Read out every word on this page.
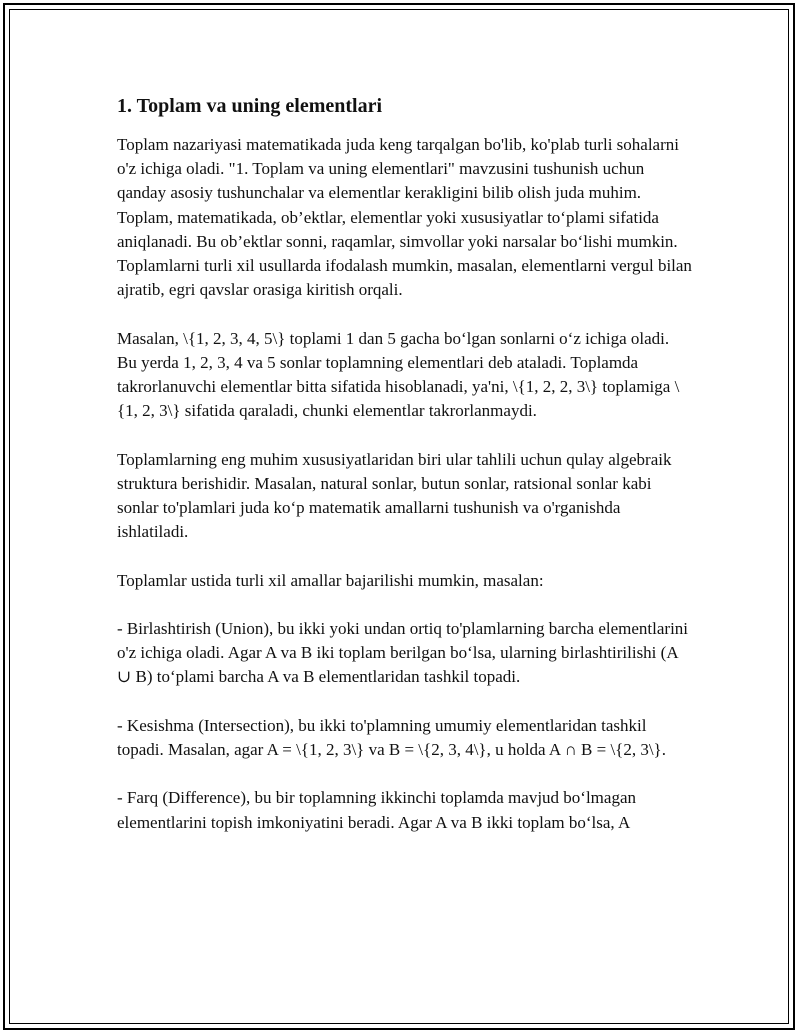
1. Toplam va uning elementlari

Toplam nazariyasi matematikada juda keng tarqalgan bo'lib, ko'plab turli sohalarni o'z ichiga oladi. "1. Toplam va uning elementlari" mavzusini tushunish uchun qanday asosiy tushunchalar va elementlar kerakligini bilib olish juda muhim. Toplam, matematikada, ob’ektlar, elementlar yoki xususiyatlar to‘plami sifatida aniqlanadi. Bu ob’ektlar sonni, raqamlar, simvollar yoki narsalar bo‘lishi mumkin. Toplamlarni turli xil usullarda ifodalash mumkin, masalan, elementlarni vergul bilan ajratib, egri qavslar orasiga kiritish orqali.

Masalan, \{1, 2, 3, 4, 5\} toplami 1 dan 5 gacha bo‘lgan sonlarni o‘z ichiga oladi. Bu yerda 1, 2, 3, 4 va 5 sonlar toplamning elementlari deb ataladi. Toplamda takrorlanuvchi elementlar bitta sifatida hisoblanadi, ya'ni, \{1, 2, 2, 3\} toplamiga \{1, 2, 3\} sifatida qaraladi, chunki elementlar takrorlanmaydi.

Toplamlarning eng muhim xususiyatlaridan biri ular tahlili uchun qulay algebraik struktura berishidir. Masalan, natural sonlar, butun sonlar, ratsional sonlar kabi sonlar to'plamlari juda ko‘p matematik amallarni tushunish va o'rganishda ishlatiladi.

Toplamlar ustida turli xil amallar bajarilishi mumkin, masalan:

- Birlashtirish (Union), bu ikki yoki undan ortiq to'plamlarning barcha elementlarini o'z ichiga oladi. Agar A va B iki toplam berilgan bo‘lsa, ularning birlashtirilishi (A ∪ B) to‘plami barcha A va B elementlaridan tashkil topadi.

- Kesishma (Intersection), bu ikki to'plamning umumiy elementlaridan tashkil topadi. Masalan, agar A = \{1, 2, 3\} va B = \{2, 3, 4\}, u holda A ∩ B = \{2, 3\}.

- Farq (Difference), bu bir toplamning ikkinchi toplamda mavjud bo‘lmagan elementlarini topish imkoniyatini beradi. Agar A va B ikki toplam bo‘lsa, A
